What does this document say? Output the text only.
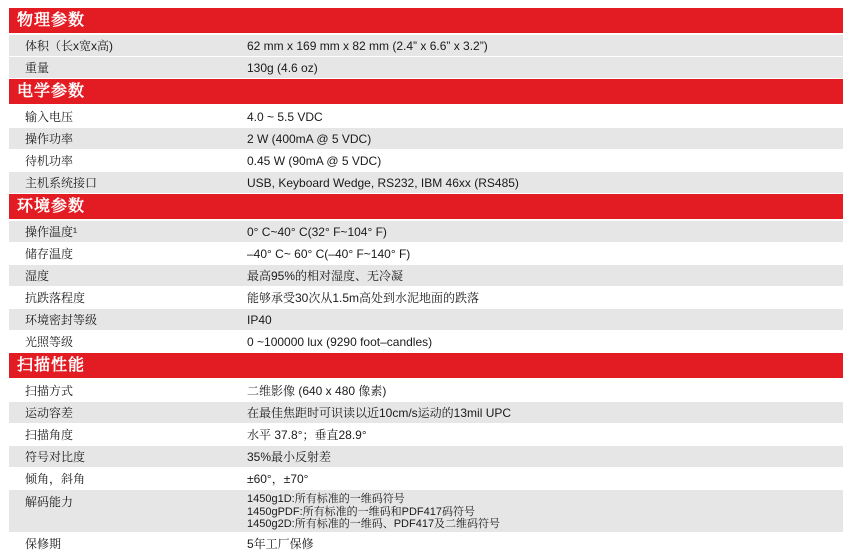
物理参数
体积（长x宽x高)	62 mm x 169 mm x 82 mm (2.4” x 6.6” x 3.2”)
重量	130g (4.6 oz)
电学参数
输入电压	4.0 ~ 5.5 VDC
操作功率	2 W (400mA @ 5 VDC)
待机功率	0.45 W (90mA @ 5 VDC)
主机系统接口	USB, Keyboard Wedge, RS232, IBM 46xx (RS485)
环境参数
操作温度¹	0° C~40° C(32° F~104° F)
储存温度	–40° C~ 60° C(–40° F~140° F)
湿度	最高95%的相对湿度、无冷凝
抗跌落程度	能够承受30次从1.5m高处到水泥地面的跌落
环境密封等级	IP40
光照等级	0 ~100000 lux (9290 foot–candles)
扫描性能
扫描方式	二维影像 (640 x 480 像素)
运动容差	在最佳焦距时可识读以近10cm/s运动的13mil UPC
扫描角度	水平 37.8°；垂直28.9°
符号对比度	35%最小反射差
倾角，斜角	±60°，±70°
解码能力	1450g1D:所有标准的一维码符号
1450gPDF:所有标准的一维码和PDF417码符号
1450g2D:所有标准的一维码、PDF417及二维码符号
保修期	5年工厂保修
